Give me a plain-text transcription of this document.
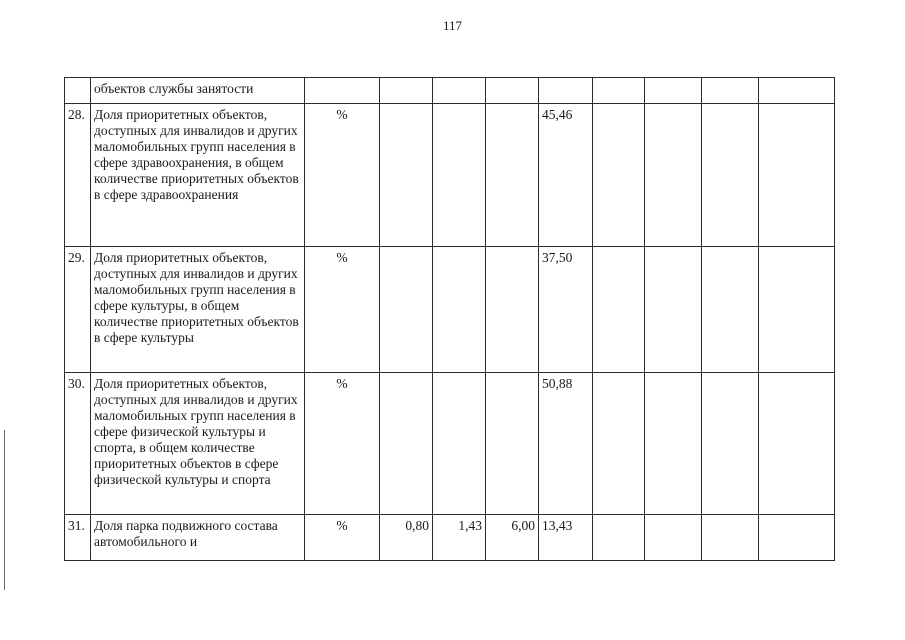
117
	объектов службы занятости									
28.	Доля приоритетных объектов, доступных для инвалидов и других маломобильных групп населения в сфере здравоохранения, в общем количестве приоритетных объектов в сфере здравоохранения	%				45,46				
29.	Доля приоритетных объектов, доступных для инвалидов и других маломобильных групп населения в сфере культуры, в общем количестве приоритетных объектов в сфере культуры	%				37,50				
30.	Доля приоритетных объектов, доступных для инвалидов и других маломобильных групп населения в сфере физической культуры и спорта, в общем количестве приоритетных объектов в сфере физической культуры и спорта	%				50,88				
31.	Доля парка подвижного состава автомобильного и	%	0,80	1,43	6,00	13,43				
